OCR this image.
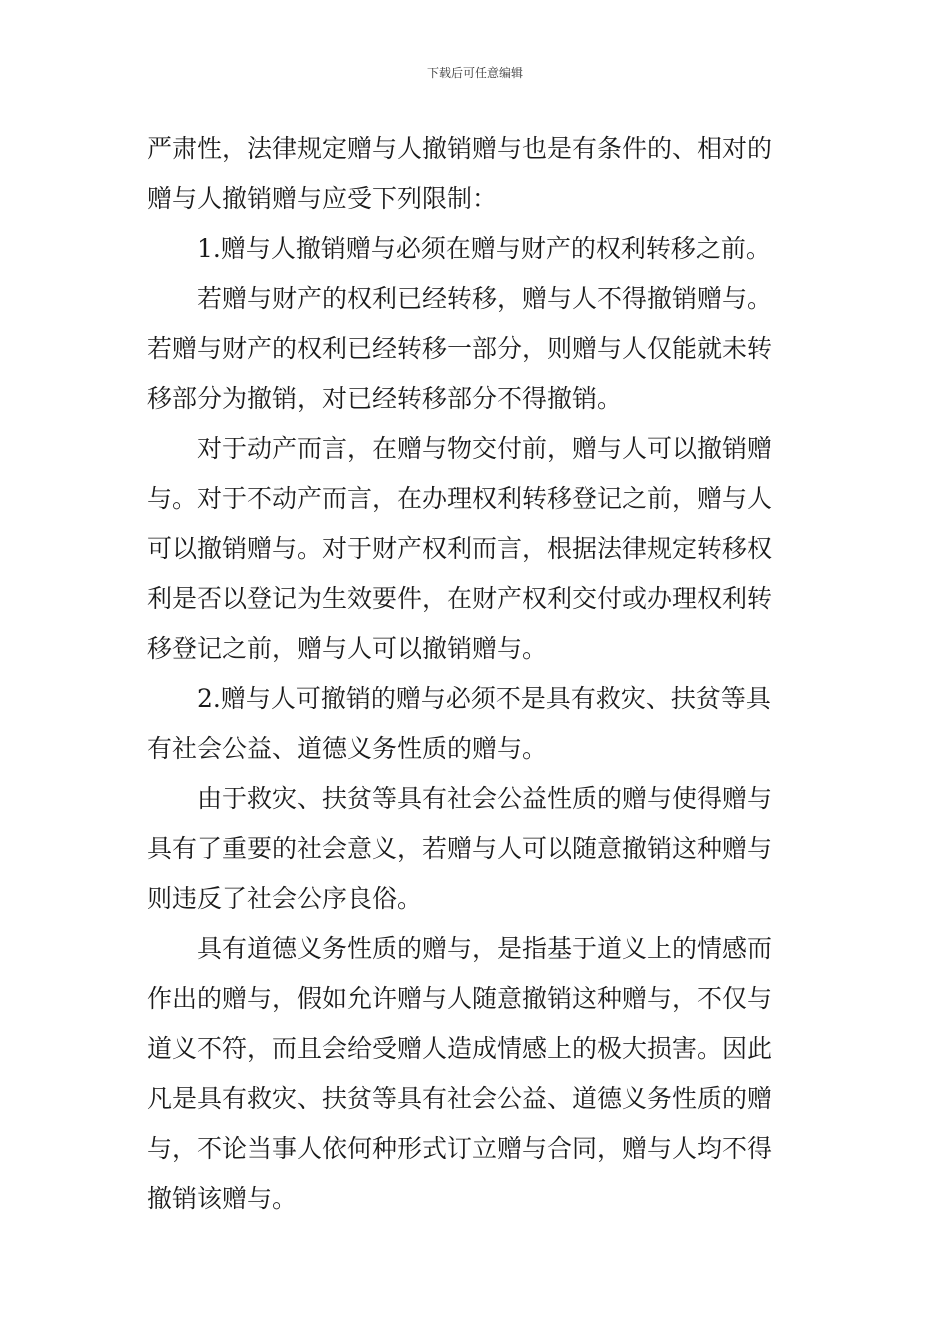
下载后可任意编辑
严肃性，法律规定赠与人撤销赠与也是有条件的、相对的
赠与人撤销赠与应受下列限制：
1.赠与人撤销赠与必须在赠与财产的权利转移之前。
若赠与财产的权利已经转移，赠与人不得撤销赠与。
若赠与财产的权利已经转移一部分，则赠与人仅能就未转
移部分为撤销，对已经转移部分不得撤销。
对于动产而言，在赠与物交付前，赠与人可以撤销赠
与。对于不动产而言，在办理权利转移登记之前，赠与人
可以撤销赠与。对于财产权利而言，根据法律规定转移权
利是否以登记为生效要件，在财产权利交付或办理权利转
移登记之前，赠与人可以撤销赠与。
2.赠与人可撤销的赠与必须不是具有救灾、扶贫等具
有社会公益、道德义务性质的赠与。
由于救灾、扶贫等具有社会公益性质的赠与使得赠与
具有了重要的社会意义，若赠与人可以随意撤销这种赠与
则违反了社会公序良俗。
具有道德义务性质的赠与，是指基于道义上的情感而
作出的赠与，假如允许赠与人随意撤销这种赠与，不仅与
道义不符，而且会给受赠人造成情感上的极大损害。因此
凡是具有救灾、扶贫等具有社会公益、道德义务性质的赠
与，不论当事人依何种形式订立赠与合同，赠与人均不得
撤销该赠与。
